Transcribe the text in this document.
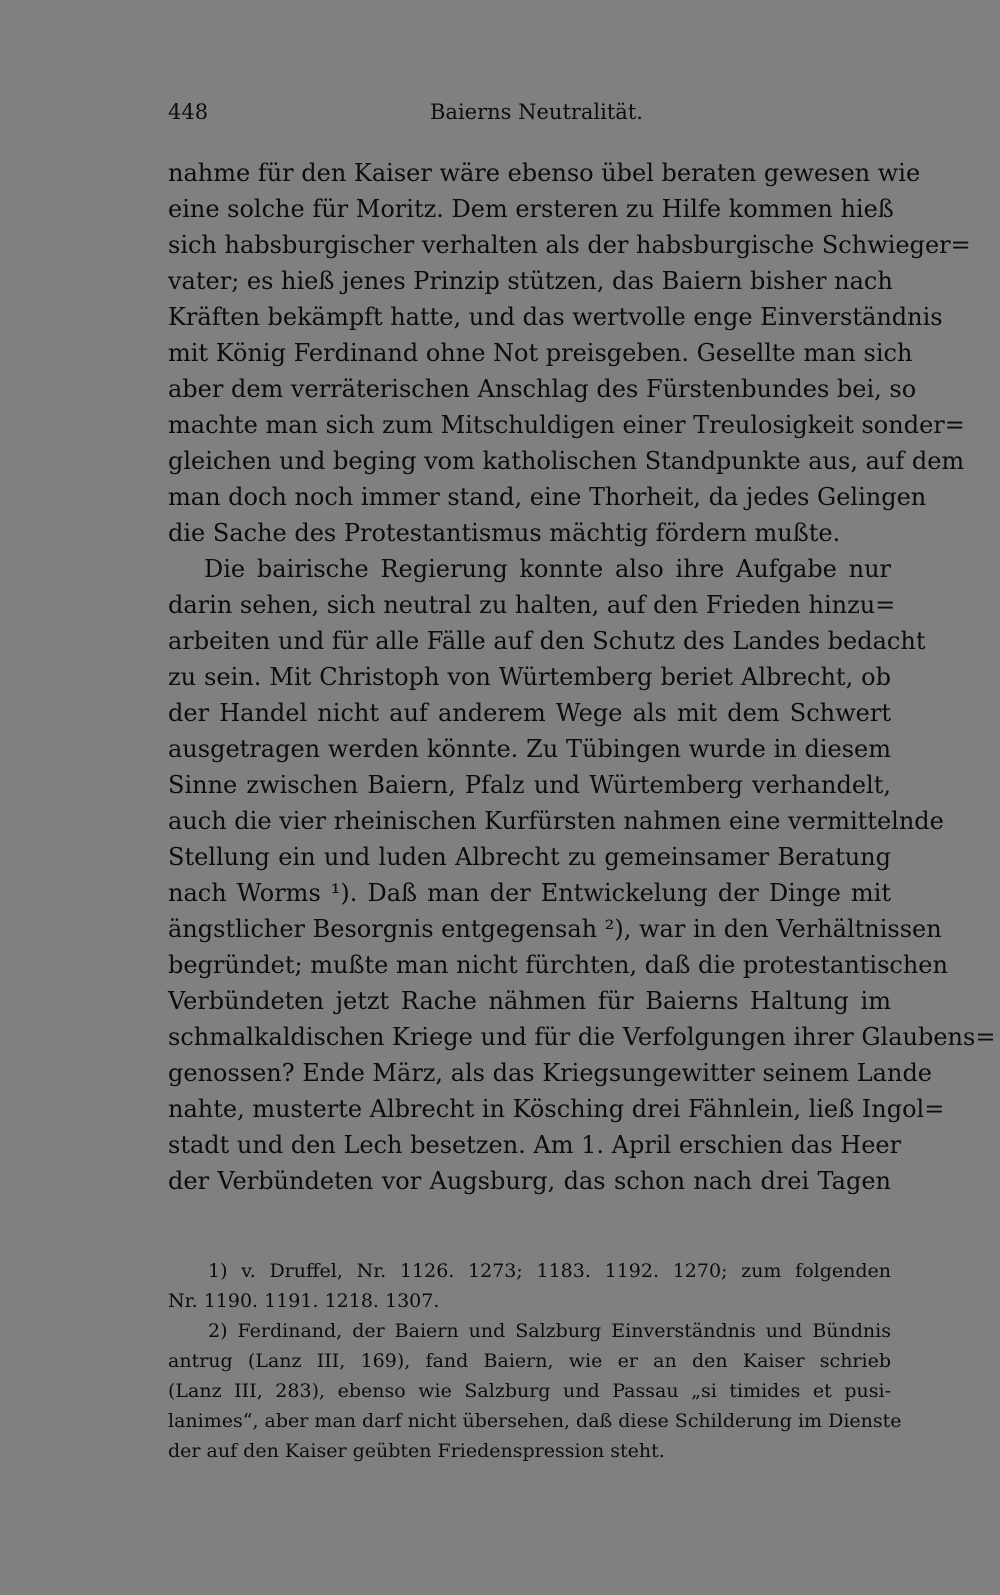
448	Baierns Neutralität.
nahme für den Kaiser wäre ebenso übel beraten gewesen wie
eine solche für Moritz. Dem ersteren zu Hilfe kommen hieß
sich habsburgischer verhalten als der habsburgische Schwieger=
vater; es hieß jenes Prinzip stützen, das Baiern bisher nach
Kräften bekämpft hatte, und das wertvolle enge Einverständnis
mit König Ferdinand ohne Not preisgeben. Gesellte man sich
aber dem verräterischen Anschlag des Fürstenbundes bei, so
machte man sich zum Mitschuldigen einer Treulosigkeit sonder=
gleichen und beging vom katholischen Standpunkte aus, auf dem
man doch noch immer stand, eine Thorheit, da jedes Gelingen
die Sache des Protestantismus mächtig fördern mußte.
Die bairische Regierung konnte also ihre Aufgabe nur
darin sehen, sich neutral zu halten, auf den Frieden hinzu=
arbeiten und für alle Fälle auf den Schutz des Landes bedacht
zu sein. Mit Christoph von Würtemberg beriet Albrecht, ob
der Handel nicht auf anderem Wege als mit dem Schwert
ausgetragen werden könnte. Zu Tübingen wurde in diesem
Sinne zwischen Baiern, Pfalz und Würtemberg verhandelt,
auch die vier rheinischen Kurfürsten nahmen eine vermittelnde
Stellung ein und luden Albrecht zu gemeinsamer Beratung
nach Worms ¹). Daß man der Entwickelung der Dinge mit
ängstlicher Besorgnis entgegensah ²), war in den Verhältnissen
begründet; mußte man nicht fürchten, daß die protestantischen
Verbündeten jetzt Rache nähmen für Baierns Haltung im
schmalkaldischen Kriege und für die Verfolgungen ihrer Glaubens=
genossen? Ende März, als das Kriegsungewitter seinem Lande
nahte, musterte Albrecht in Kösching drei Fähnlein, ließ Ingol=
stadt und den Lech besetzen. Am 1. April erschien das Heer
der Verbündeten vor Augsburg, das schon nach drei Tagen
1) v. Druffel, Nr. 1126. 1273; 1183. 1192. 1270; zum folgenden
Nr. 1190. 1191. 1218. 1307.
2) Ferdinand, der Baiern und Salzburg Einverständnis und Bündnis
antrug (Lanz III, 169), fand Baiern, wie er an den Kaiser schrieb
(Lanz III, 283), ebenso wie Salzburg und Passau „si timides et pusi-
lanimes“, aber man darf nicht übersehen, daß diese Schilderung im Dienste
der auf den Kaiser geübten Friedenspression steht.
